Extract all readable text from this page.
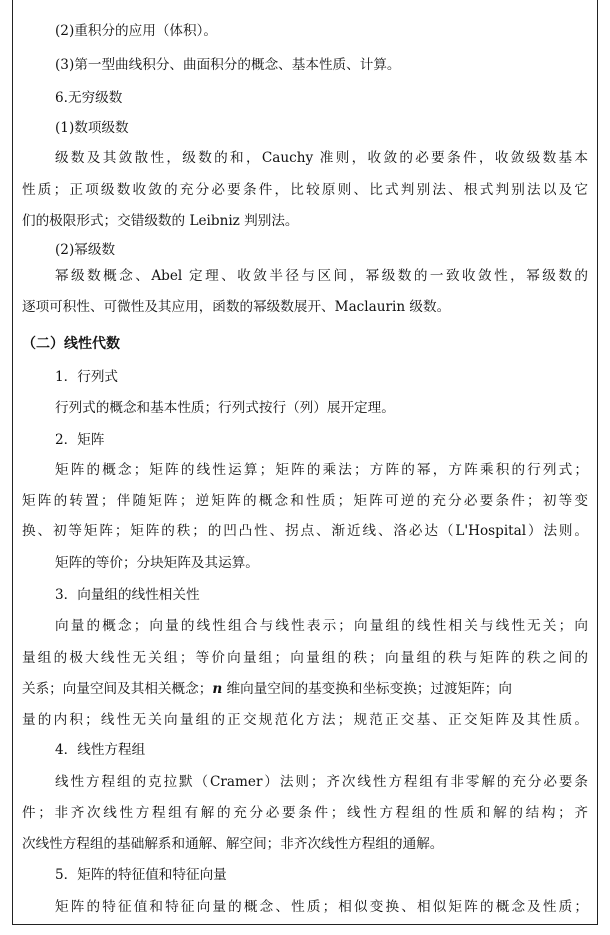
(2)重积分的应用（体积）。
(3)第一型曲线积分、曲面积分的概念、基本性质、计算。
6.无穷级数
(1)数项级数
级数及其敛散性，级数的和，Cauchy 准则，收敛的必要条件，收敛级数基本
性质；正项级数收敛的充分必要条件，比较原则、比式判别法、根式判别法以及它
们的极限形式；交错级数的 Leibniz 判别法。
(2)幂级数
幂级数概念、Abel 定理、收敛半径与区间，幂级数的一致收敛性，幂级数的
逐项可积性、可微性及其应用，函数的幂级数展开、Maclaurin 级数。
（二）线性代数
1．行列式
行列式的概念和基本性质；行列式按行（列）展开定理。
2．矩阵
矩阵的概念；矩阵的线性运算；矩阵的乘法；方阵的幂，方阵乘积的行列式；
矩阵的转置；伴随矩阵；逆矩阵的概念和性质；矩阵可逆的充分必要条件；初等变
换、初等矩阵；矩阵的秩；的凹凸性、拐点、渐近线、洛必达（L'Hospital）法则。
矩阵的等价；分块矩阵及其运算。
3．向量组的线性相关性
向量的概念；向量的线性组合与线性表示；向量组的线性相关与线性无关；向
量组的极大线性无关组；等价向量组；向量组的秩；向量组的秩与矩阵的秩之间的
关系；向量空间及其相关概念； n 维向量空间的基变换和坐标变换；过渡矩阵；向
量的内积；线性无关向量组的正交规范化方法；规范正交基、正交矩阵及其性质。
4．线性方程组
线性方程组的克拉默（Cramer）法则；齐次线性方程组有非零解的充分必要条
件；非齐次线性方程组有解的充分必要条件；线性方程组的性质和解的结构；齐
次线性方程组的基础解系和通解、解空间；非齐次线性方程组的通解。
5．矩阵的特征值和特征向量
矩阵的特征值和特征向量的概念、性质；相似变换、相似矩阵的概念及性质；
